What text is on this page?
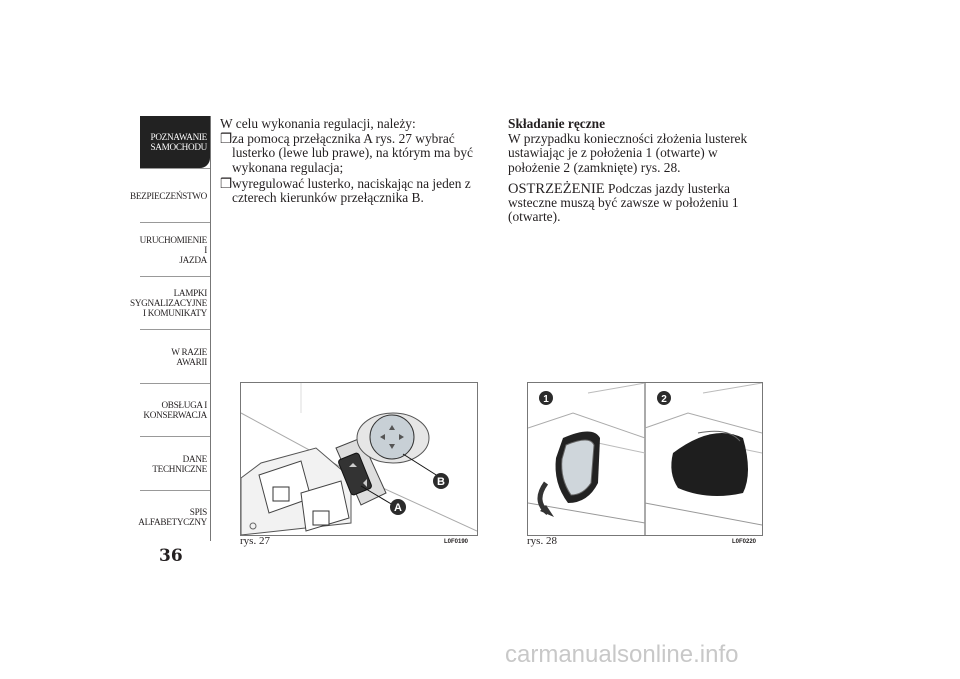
POZNAWANIE
SAMOCHODU
BEZPIECZEŃSTWO
URUCHOMIENIE I
JAZDA
LAMPKI
SYGNALIZACYJNE
I KOMUNIKATY
W RAZIE AWARII
OBSŁUGA I
KONSERWACJA
DANE
TECHNICZNE
SPIS
ALFABETYCZNY
36

W celu wykonania regulacji, należy:

❒ za pomocą przełącznika A rys. 27 wybrać lusterko (lewe lub prawe), na którym ma być wykonana regulacja;

❒ wyregulować lusterko, naciskając na jeden z czterech kierunków przełącznika B.

Składanie ręczne

W przypadku konieczności złożenia lusterek ustawiając je z położenia 1 (otwarte) w położenie 2 (zamknięte) rys. 28.

OSTRZEŻENIE Podczas jazdy lusterka wsteczne muszą być zawsze w położeniu 1 (otwarte).

B
A
rys. 27	L0F0190
1	2
rys. 28	L0F0220
carmanualsonline.info
